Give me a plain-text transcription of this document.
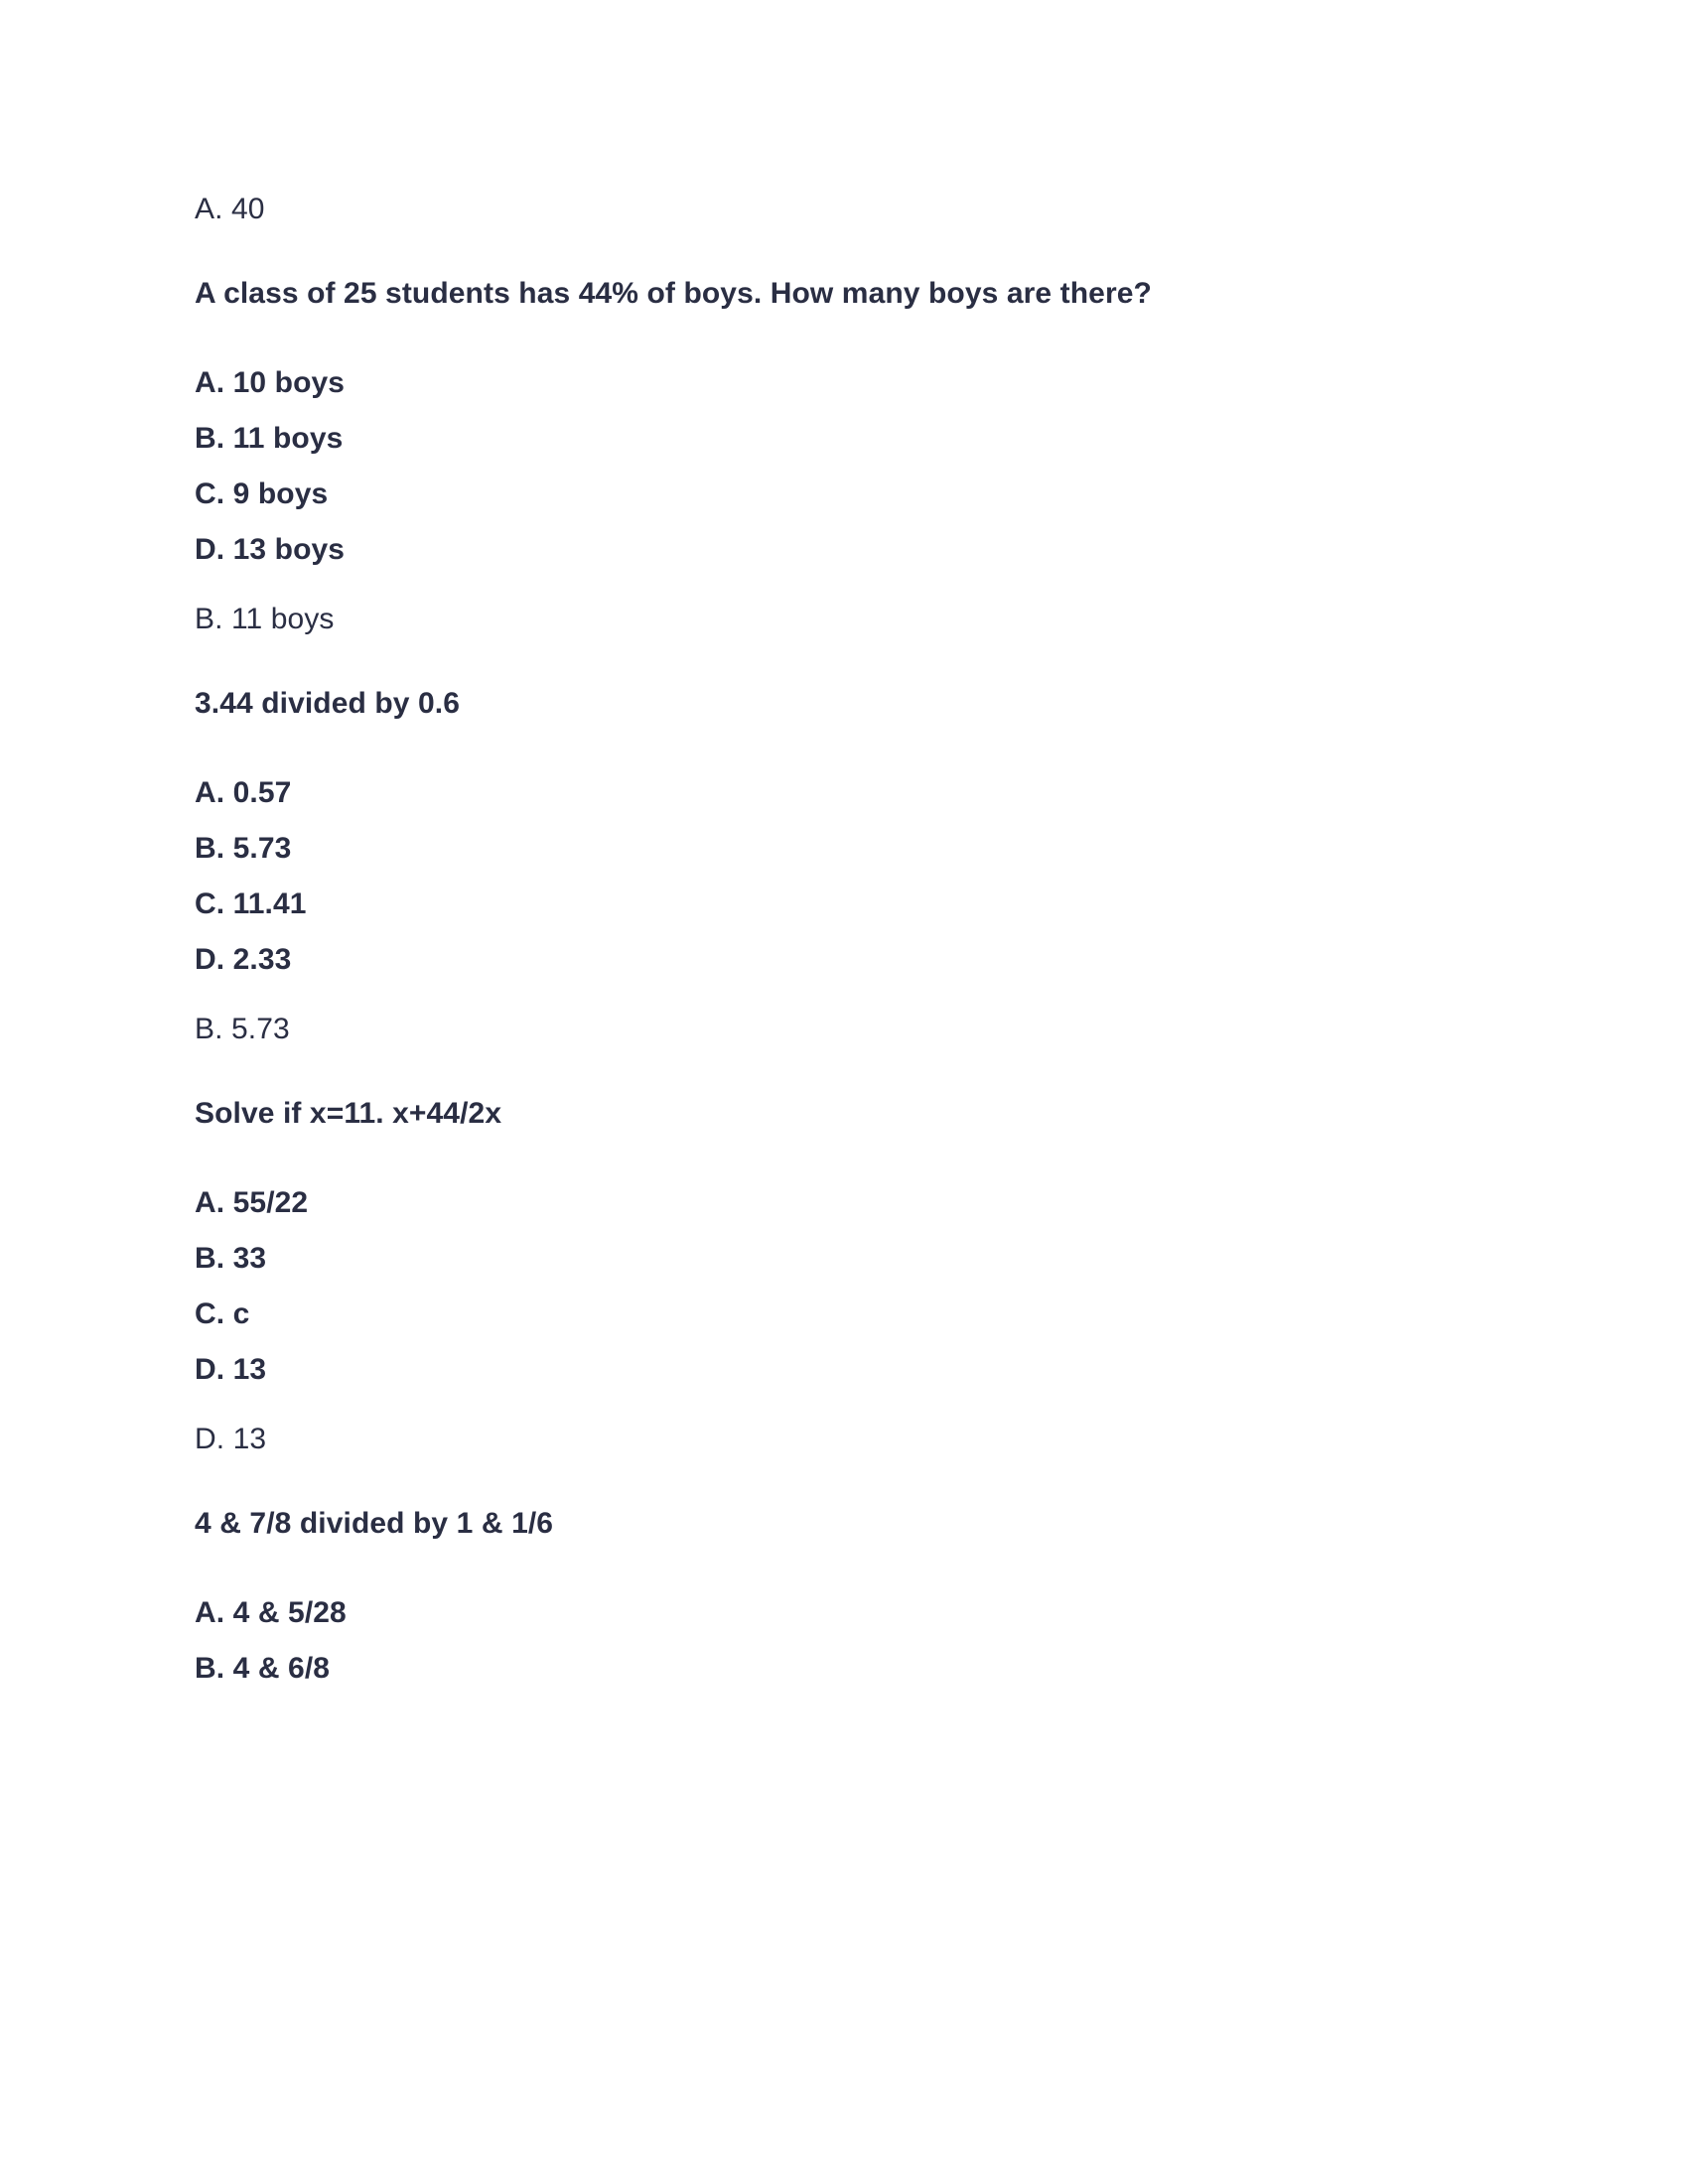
A. 40

A class of 25 students has 44% of boys. How many boys are there?

A. 10 boys

B. 11 boys

C. 9 boys

D. 13 boys

B. 11 boys

3.44 divided by 0.6

A. 0.57

B. 5.73

C. 11.41

D. 2.33

B. 5.73

Solve if x=11. x+44/2x

A. 55/22

B. 33

C. c

D. 13

D. 13

4 & 7/8 divided by 1 & 1/6

A. 4 & 5/28

B. 4 & 6/8
